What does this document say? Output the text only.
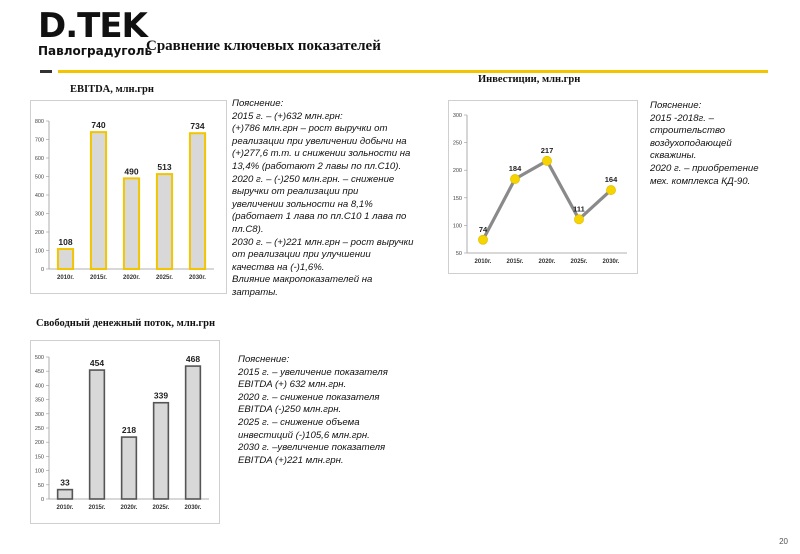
D.TEK
Павлоградуголь
Сравнение ключевых показателей
EBITDA, млн.грн
0
100
200
300
400
500
600
700
800
2010г.
108
2015г.
740
2020г.
490
2025г.
513
2030г.
734
Пояснение:
2015 г. – (+)632 млн.грн:
(+)786 млн.грн – рост выручки от
реализации при увеличении добычи на
(+)277,6 т.т. и снижении зольности на
13,4% (работают 2 лавы по пл.С10).
2020 г. – (-)250 млн.грн. – снижение
выручки от реализации при
увеличении зольности на 8,1%
(работает 1 лава по пл.С10 1 лава по
пл.С8).
2030 г. – (+)221 млн.грн – рост выручки
от реализации при улучшении
качества на (-)1,6%.
Влияние макропоказателей на
затраты.
Инвестиции, млн.грн
50
100
150
200
250
300
2010г.	2015г.	2020г.	2025г.	2030г.
74
184
217
111
164
Пояснение:
2015 -2018г. –
строительство
воздухоподающей
скважины.
2020 г. – приобретение
мех. комплекса КД-90.
Свободный денежный поток, млн.грн
0
50
100
150
200
250
300
350
400
450
500
2010г.
33
2015г.
454
2020г.
218
2025г.
339
2030г.
468	Пояснение:
2015 г. – увеличение показателя
EBITDA (+) 632 млн.грн.
2020 г. – снижение показателя
EBITDA (-)250 млн.грн.
2025 г. – снижение объема
инвестиций (-)105,6 млн.грн.
2030 г. –увеличение показателя
EBITDA (+)221 млн.грн.
20
